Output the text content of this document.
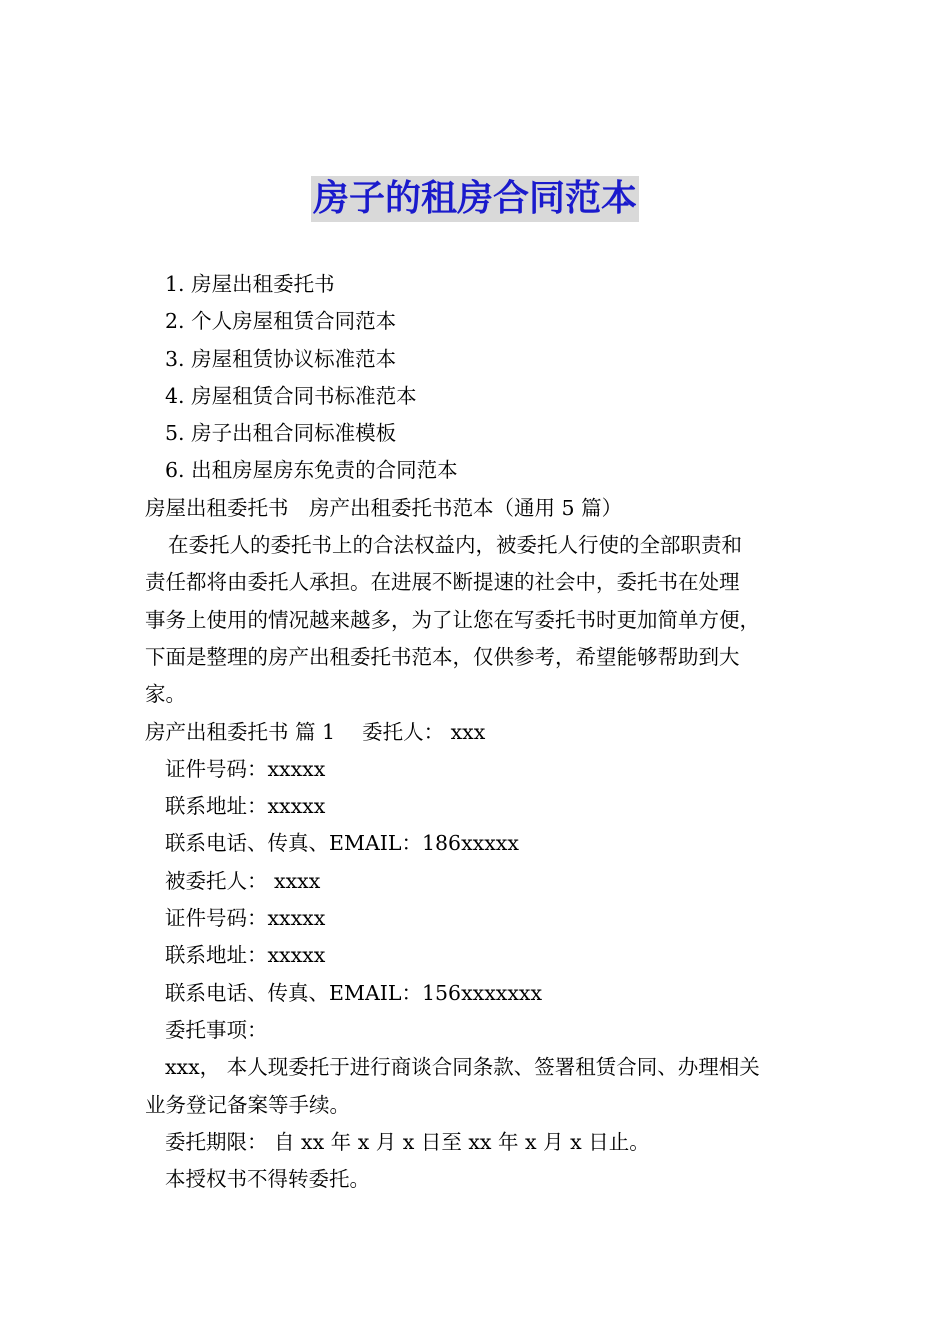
房子的租房合同范本

1. 房屋出租委托书

2. 个人房屋租赁合同范本

3. 房屋租赁协议标准范本

4. 房屋租赁合同书标准范本

5. 房子出租合同标准模板

6. 出租房屋房东免责的合同范本

房屋出租委托书　房产出租委托书范本（通用 5 篇）

在委托人的委托书上的合法权益内，被委托人行使的全部职责和

责任都将由委托人承担。在进展不断提速的社会中，委托书在处理

事务上使用的情况越来越多，为了让您在写委托书时更加简单方便，

下面是整理的房产出租委托书范本，仅供参考，希望能够帮助到大

家。

房产出租委托书 篇 1　 委托人： xxx

证件号码：xxxxx

联系地址：xxxxx

联系电话、传真、EMAIL：186xxxxx

被委托人： xxxx

证件号码：xxxxx

联系地址：xxxxx

联系电话、传真、EMAIL：156xxxxxxx

委托事项：

xxx， 本人现委托于进行商谈合同条款、签署租赁合同、办理相关

业务登记备案等手续。

委托期限： 自 xx 年 x 月 x 日至 xx 年 x 月 x 日止。

本授权书不得转委托。
